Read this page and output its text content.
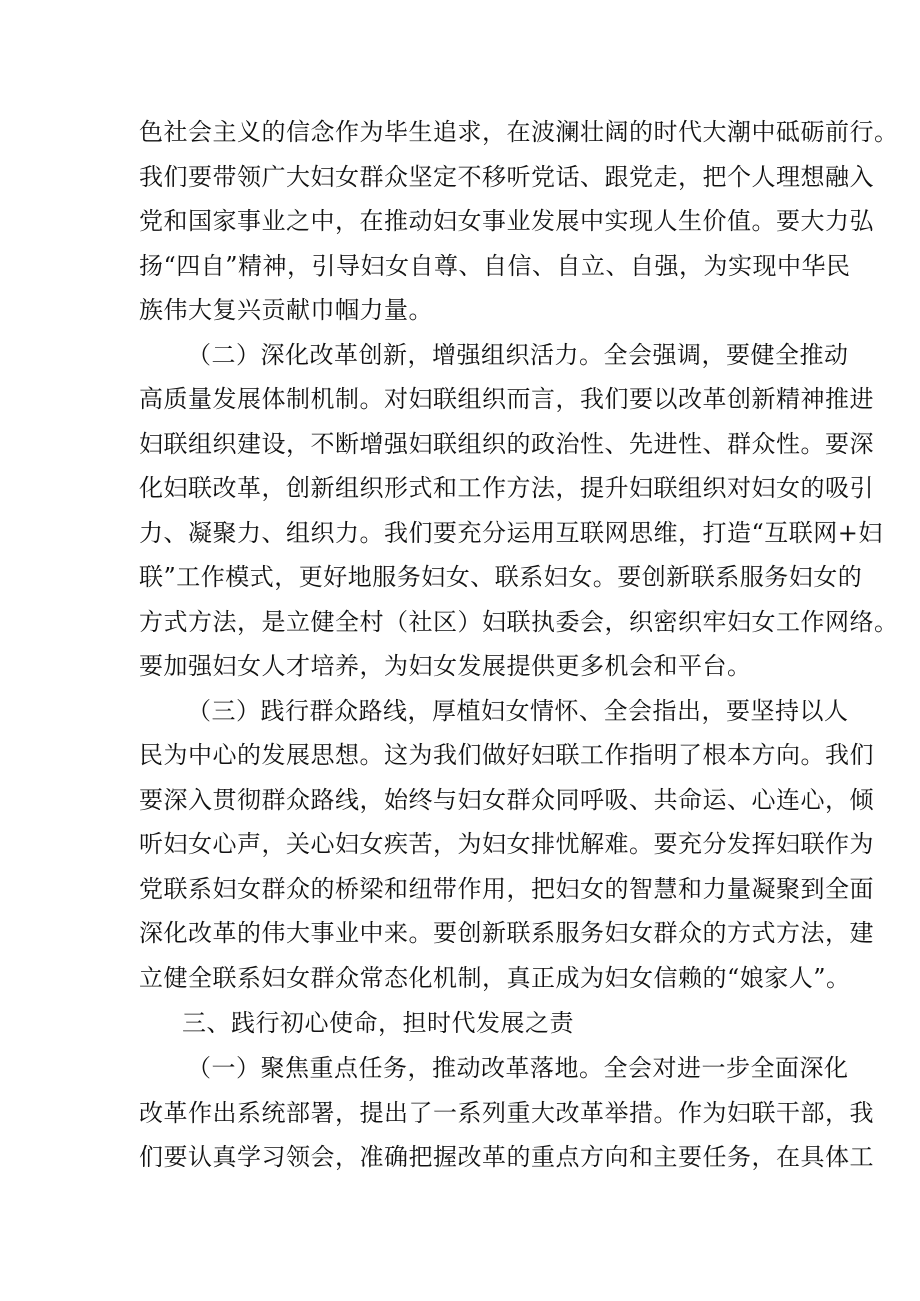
色社会主义的信念作为毕生追求，在波澜壮阔的时代大潮中砥砺前行。
我们要带领广大妇女群众坚定不移听党话、跟党走，把个人理想融入
党和国家事业之中，在推动妇女事业发展中实现人生价值。要大力弘
扬“四自”精神，引导妇女自尊、自信、自立、自强，为实现中华民
族伟大复兴贡献巾帼力量。
（二）深化改革创新，增强组织活力。全会强调，要健全推动
高质量发展体制机制。对妇联组织而言，我们要以改革创新精神推进
妇联组织建设，不断增强妇联组织的政治性、先进性、群众性。要深
化妇联改革，创新组织形式和工作方法，提升妇联组织对妇女的吸引
力、凝聚力、组织力。我们要充分运用互联网思维，打造“互联网+妇
联”工作模式，更好地服务妇女、联系妇女。要创新联系服务妇女的
方式方法，是立健全村（社区）妇联执委会，织密织牢妇女工作网络。
要加强妇女人才培养，为妇女发展提供更多机会和平台。
（三）践行群众路线，厚植妇女情怀、全会指出，要坚持以人
民为中心的发展思想。这为我们做好妇联工作指明了根本方向。我们
要深入贯彻群众路线，始终与妇女群众同呼吸、共命运、心连心，倾
听妇女心声，关心妇女疾苦，为妇女排忧解难。要充分发挥妇联作为
党联系妇女群众的桥梁和纽带作用，把妇女的智慧和力量凝聚到全面
深化改革的伟大事业中来。要创新联系服务妇女群众的方式方法，建
立健全联系妇女群众常态化机制，真正成为妇女信赖的“娘家人”。
三、践行初心使命，担时代发展之责
（一）聚焦重点任务，推动改革落地。全会对进一步全面深化
改革作出系统部署，提出了一系列重大改革举措。作为妇联干部，我
们要认真学习领会，准确把握改革的重点方向和主要任务，在具体工
